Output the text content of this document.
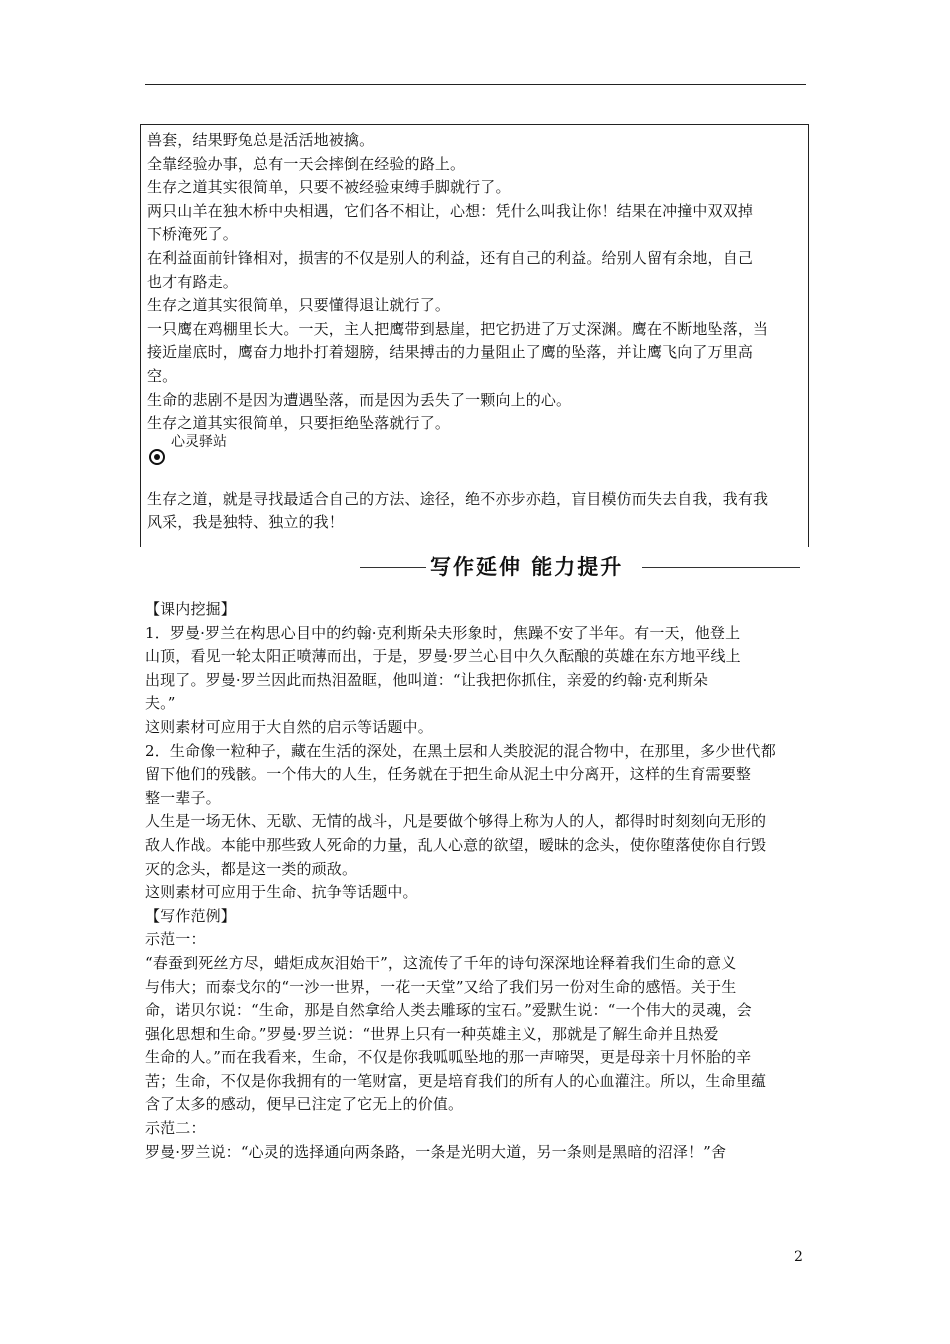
兽套，结果野兔总是活活地被擒。
全靠经验办事，总有一天会摔倒在经验的路上。
生存之道其实很简单，只要不被经验束缚手脚就行了。
两只山羊在独木桥中央相遇，它们各不相让，心想：凭什么叫我让你！结果在冲撞中双双掉
下桥淹死了。
在利益面前针锋相对，损害的不仅是别人的利益，还有自己的利益。给别人留有余地，自己
也才有路走。
生存之道其实很简单，只要懂得退让就行了。
一只鹰在鸡棚里长大。一天，主人把鹰带到悬崖，把它扔进了万丈深渊。鹰在不断地坠落，当
接近崖底时，鹰奋力地扑打着翅膀，结果搏击的力量阻止了鹰的坠落，并让鹰飞向了万里高
空。
生命的悲剧不是因为遭遇坠落，而是因为丢失了一颗向上的心。
生存之道其实很简单，只要拒绝坠落就行了。
心灵驿站
生存之道，就是寻找最适合自己的方法、途径，绝不亦步亦趋，盲目模仿而失去自我，我有我
风采，我是独特、独立的我！
写作延伸 能力提升
【课内挖掘】
1．罗曼·罗兰在构思心目中的约翰·克利斯朵夫形象时，焦躁不安了半年。有一天，他登上
山顶，看见一轮太阳正喷薄而出，于是，罗曼·罗兰心目中久久酝酿的英雄在东方地平线上
出现了。罗曼·罗兰因此而热泪盈眶，他叫道：“让我把你抓住，亲爱的约翰·克利斯朵
夫。”
这则素材可应用于大自然的启示等话题中。
2．生命像一粒种子，藏在生活的深处，在黑土层和人类胶泥的混合物中，在那里，多少世代都
留下他们的残骸。一个伟大的人生，任务就在于把生命从泥土中分离开，这样的生育需要整
整一辈子。
人生是一场无休、无歇、无情的战斗，凡是要做个够得上称为人的人，都得时时刻刻向无形的
敌人作战。本能中那些致人死命的力量，乱人心意的欲望，暧昧的念头，使你堕落使你自行毁
灭的念头，都是这一类的顽敌。
这则素材可应用于生命、抗争等话题中。
【写作范例】
示范一：
“春蚕到死丝方尽，蜡炬成灰泪始干”，这流传了千年的诗句深深地诠释着我们生命的意义
与伟大；而泰戈尔的“一沙一世界，一花一天堂”又给了我们另一份对生命的感悟。关于生
命，诺贝尔说：“生命，那是自然拿给人类去雕琢的宝石。”爱默生说：“一个伟大的灵魂，会
强化思想和生命。”罗曼·罗兰说：“世界上只有一种英雄主义，那就是了解生命并且热爱
生命的人。”而在我看来，生命，不仅是你我呱呱坠地的那一声啼哭，更是母亲十月怀胎的辛
苦；生命，不仅是你我拥有的一笔财富，更是培育我们的所有人的心血灌注。所以，生命里蕴
含了太多的感动，便早已注定了它无上的价值。
示范二：
罗曼·罗兰说：“心灵的选择通向两条路，一条是光明大道，另一条则是黑暗的沼泽！”舍
2
